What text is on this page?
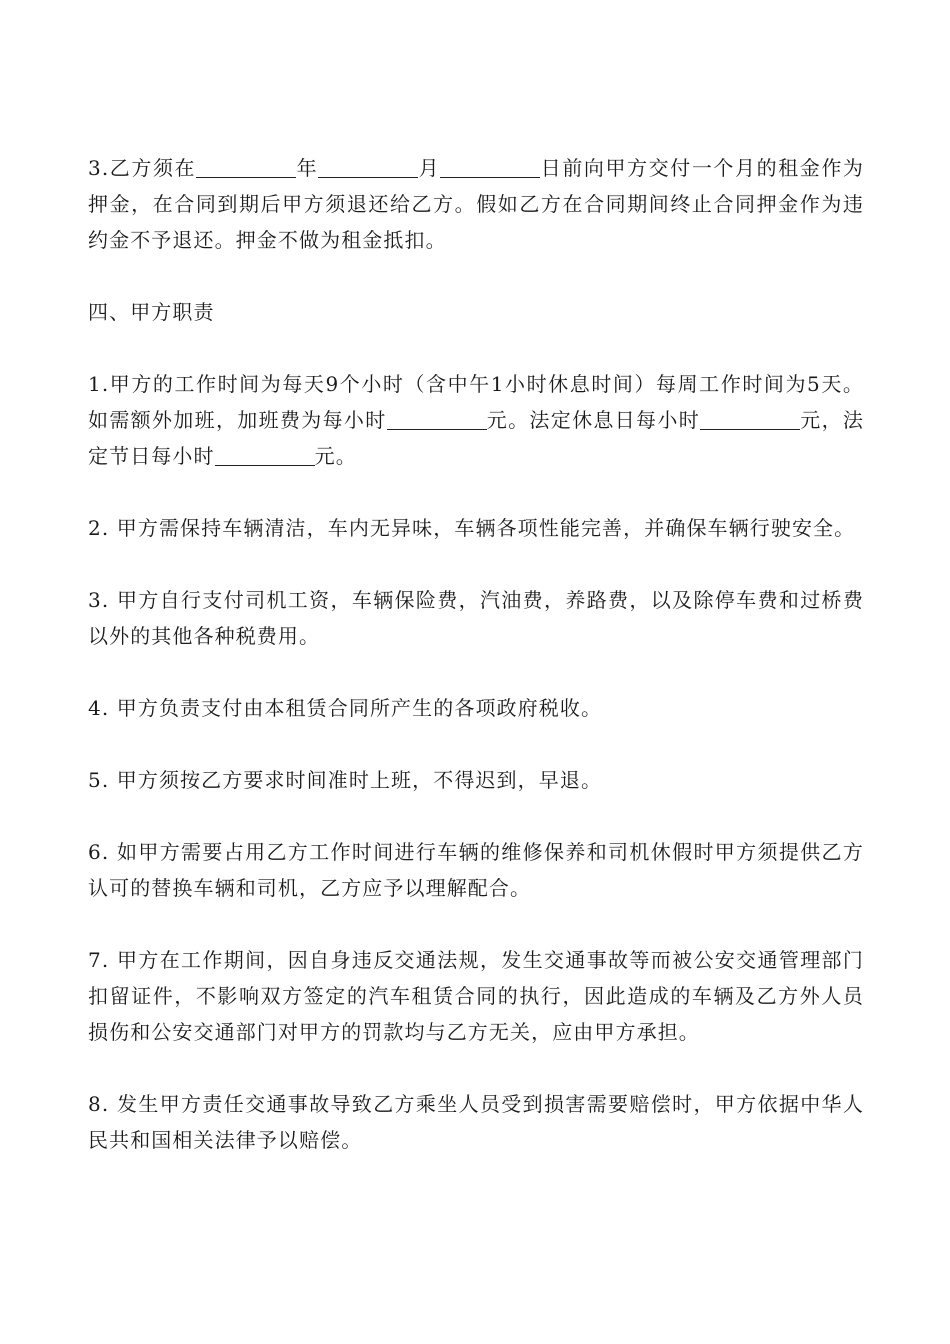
3.乙方须在	年	月	日前向甲方交付一个月的租金作为押金，在合同到期后甲方须退还给乙方。假如乙方在合同期间终止合同押金作为违约金不予退还。押金不做为租金抵扣。

四、甲方职责

1.甲方的工作时间为每天9个小时（含中午1小时休息时间）每周工作时间为5天。如需额外加班，加班费为每小时	元。法定休息日每小时	元，法定节日每小时	元。

2. 甲方需保持车辆清洁，车内无异味，车辆各项性能完善，并确保车辆行驶安全。

3. 甲方自行支付司机工资，车辆保险费，汽油费，养路费，以及除停车费和过桥费以外的其他各种税费用。

4. 甲方负责支付由本租赁合同所产生的各项政府税收。

5. 甲方须按乙方要求时间准时上班，不得迟到，早退。

6. 如甲方需要占用乙方工作时间进行车辆的维修保养和司机休假时甲方须提供乙方认可的替换车辆和司机，乙方应予以理解配合。

7. 甲方在工作期间，因自身违反交通法规，发生交通事故等而被公安交通管理部门扣留证件，不影响双方签定的汽车租赁合同的执行，因此造成的车辆及乙方外人员损伤和公安交通部门对甲方的罚款均与乙方无关，应由甲方承担。

8. 发生甲方责任交通事故导致乙方乘坐人员受到损害需要赔偿时，甲方依据中华人民共和国相关法律予以赔偿。
